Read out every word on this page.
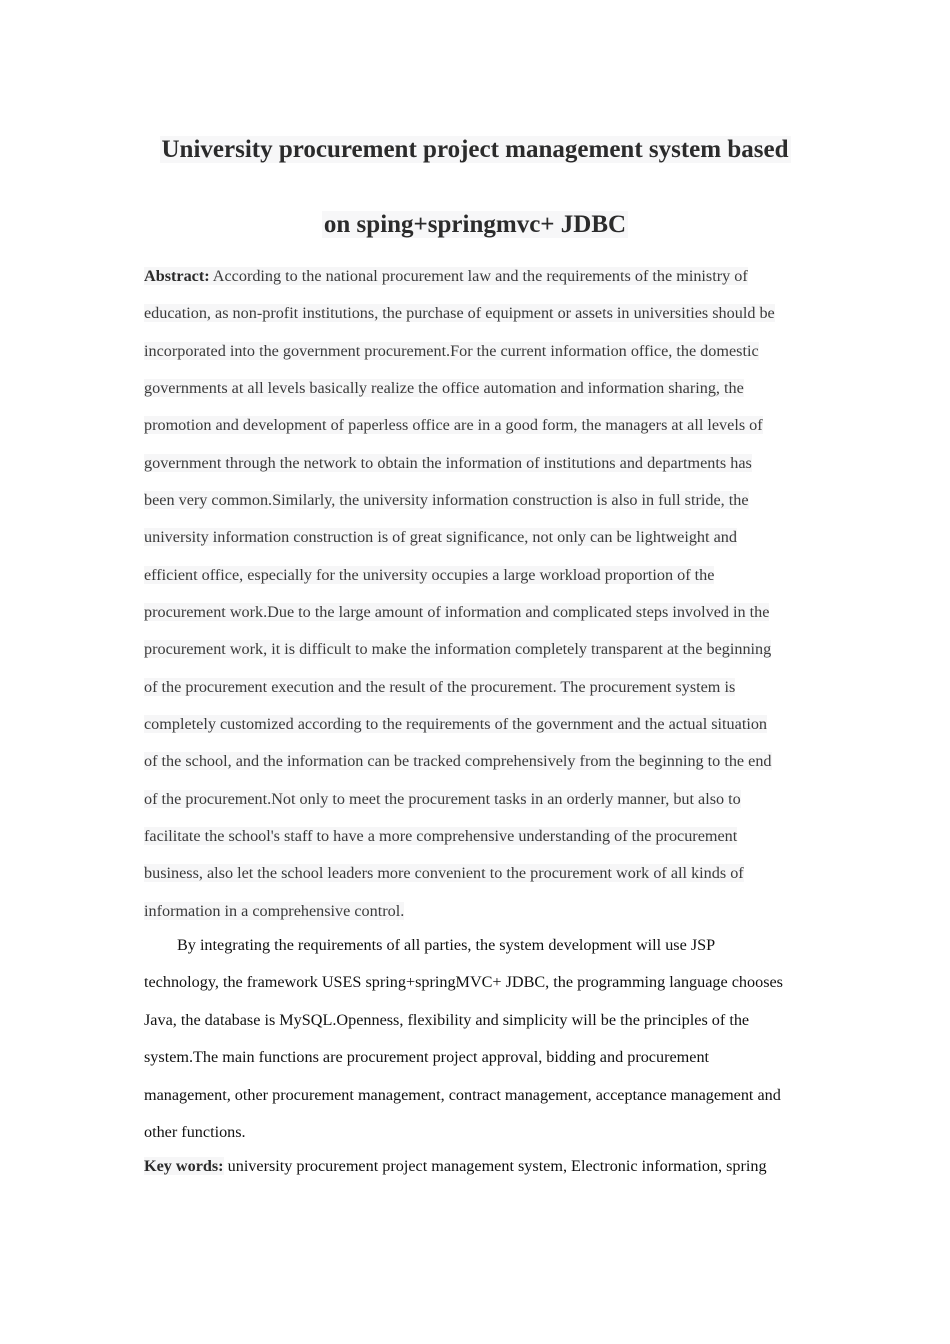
University procurement project management system based
on sping+springmvc+ JDBC
Abstract: According to the national procurement law and the requirements of the ministry of
education, as non-profit institutions, the purchase of equipment or assets in universities should be
incorporated into the government procurement.For the current information office, the domestic
governments at all levels basically realize the office automation and information sharing, the
promotion and development of paperless office are in a good form, the managers at all levels of
government through the network to obtain the information of institutions and departments has
been very common.Similarly, the university information construction is also in full stride, the
university information construction is of great significance, not only can be lightweight and
efficient office, especially for the university occupies a large workload proportion of the
procurement work.Due to the large amount of information and complicated steps involved in the
procurement work, it is difficult to make the information completely transparent at the beginning
of the procurement execution and the result of the procurement. The procurement system is
completely customized according to the requirements of the government and the actual situation
of the school, and the information can be tracked comprehensively from the beginning to the end
of the procurement.Not only to meet the procurement tasks in an orderly manner, but also to
facilitate the school's staff to have a more comprehensive understanding of the procurement
business, also let the school leaders more convenient to the procurement work of all kinds of
information in a comprehensive control.
By integrating the requirements of all parties, the system development will use JSP
technology, the framework USES spring+springMVC+ JDBC, the programming language chooses
Java, the database is MySQL.Openness, flexibility and simplicity will be the principles of the
system.The main functions are procurement project approval, bidding and procurement
management, other procurement management, contract management, acceptance management and
other functions.
Key words: university procurement project management system, Electronic information, spring
